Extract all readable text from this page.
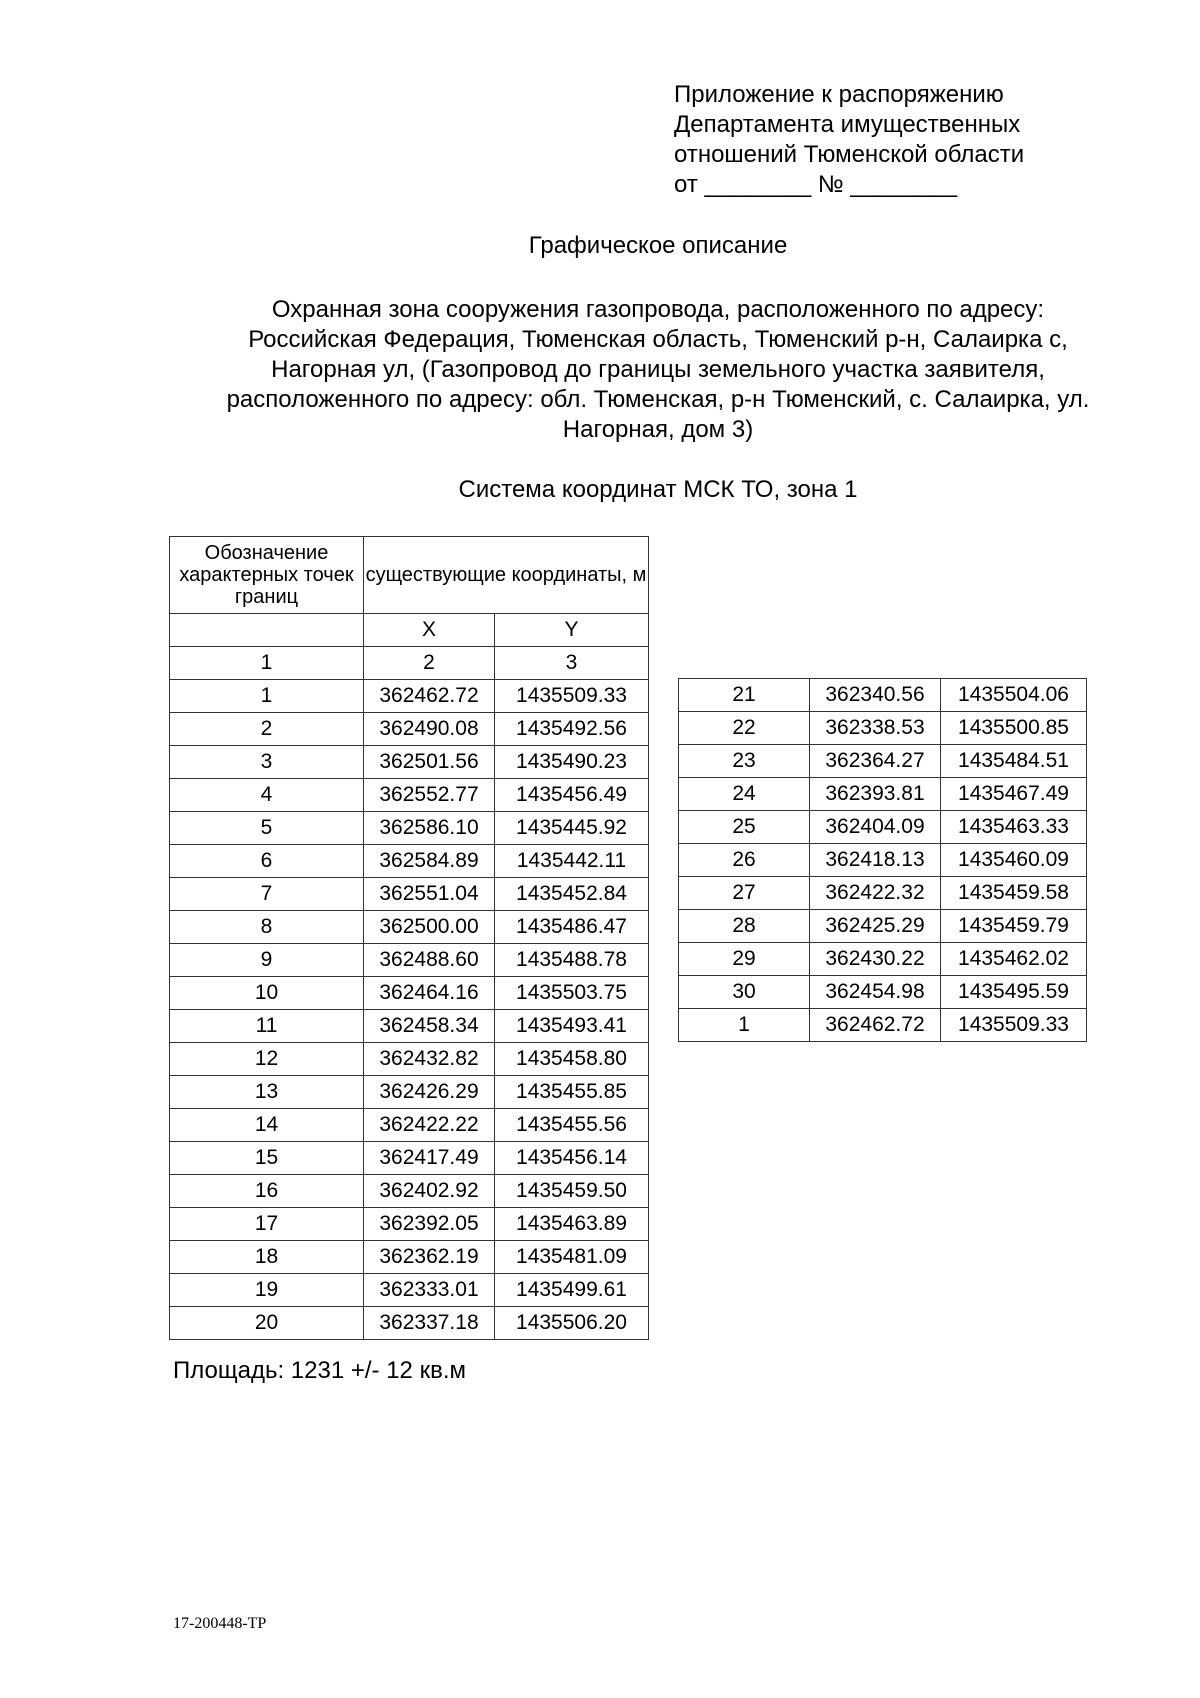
Приложение к распоряжению
Департамента имущественных
отношений Тюменской области
от ________ № ________
Графическое описание
Охранная зона сооружения газопровода, расположенного по адресу:
Российская Федерация, Тюменская область, Тюменский р-н, Салаирка с,
Нагорная ул, (Газопровод до границы земельного участка заявителя,
расположенного по адресу: обл. Тюменская, р-н Тюменский, с. Салаирка, ул.
Нагорная, дом 3)
Система координат МСК ТО, зона 1
Обозначение характерных точек границ	существующие координаты, м	
	X	Y
1	2	3
1	362462.72	1435509.33
2	362490.08	1435492.56
3	362501.56	1435490.23
4	362552.77	1435456.49
5	362586.10	1435445.92
6	362584.89	1435442.11
7	362551.04	1435452.84
8	362500.00	1435486.47
9	362488.60	1435488.78
10	362464.16	1435503.75
11	362458.34	1435493.41
12	362432.82	1435458.80
13	362426.29	1435455.85
14	362422.22	1435455.56
15	362417.49	1435456.14
16	362402.92	1435459.50
17	362392.05	1435463.89
18	362362.19	1435481.09
19	362333.01	1435499.61
20	362337.18	1435506.20
21	362340.56	1435504.06
22	362338.53	1435500.85
23	362364.27	1435484.51
24	362393.81	1435467.49
25	362404.09	1435463.33
26	362418.13	1435460.09
27	362422.32	1435459.58
28	362425.29	1435459.79
29	362430.22	1435462.02
30	362454.98	1435495.59
1	362462.72	1435509.33
Площадь: 1231 +/- 12 кв.м
17-200448-ТР
